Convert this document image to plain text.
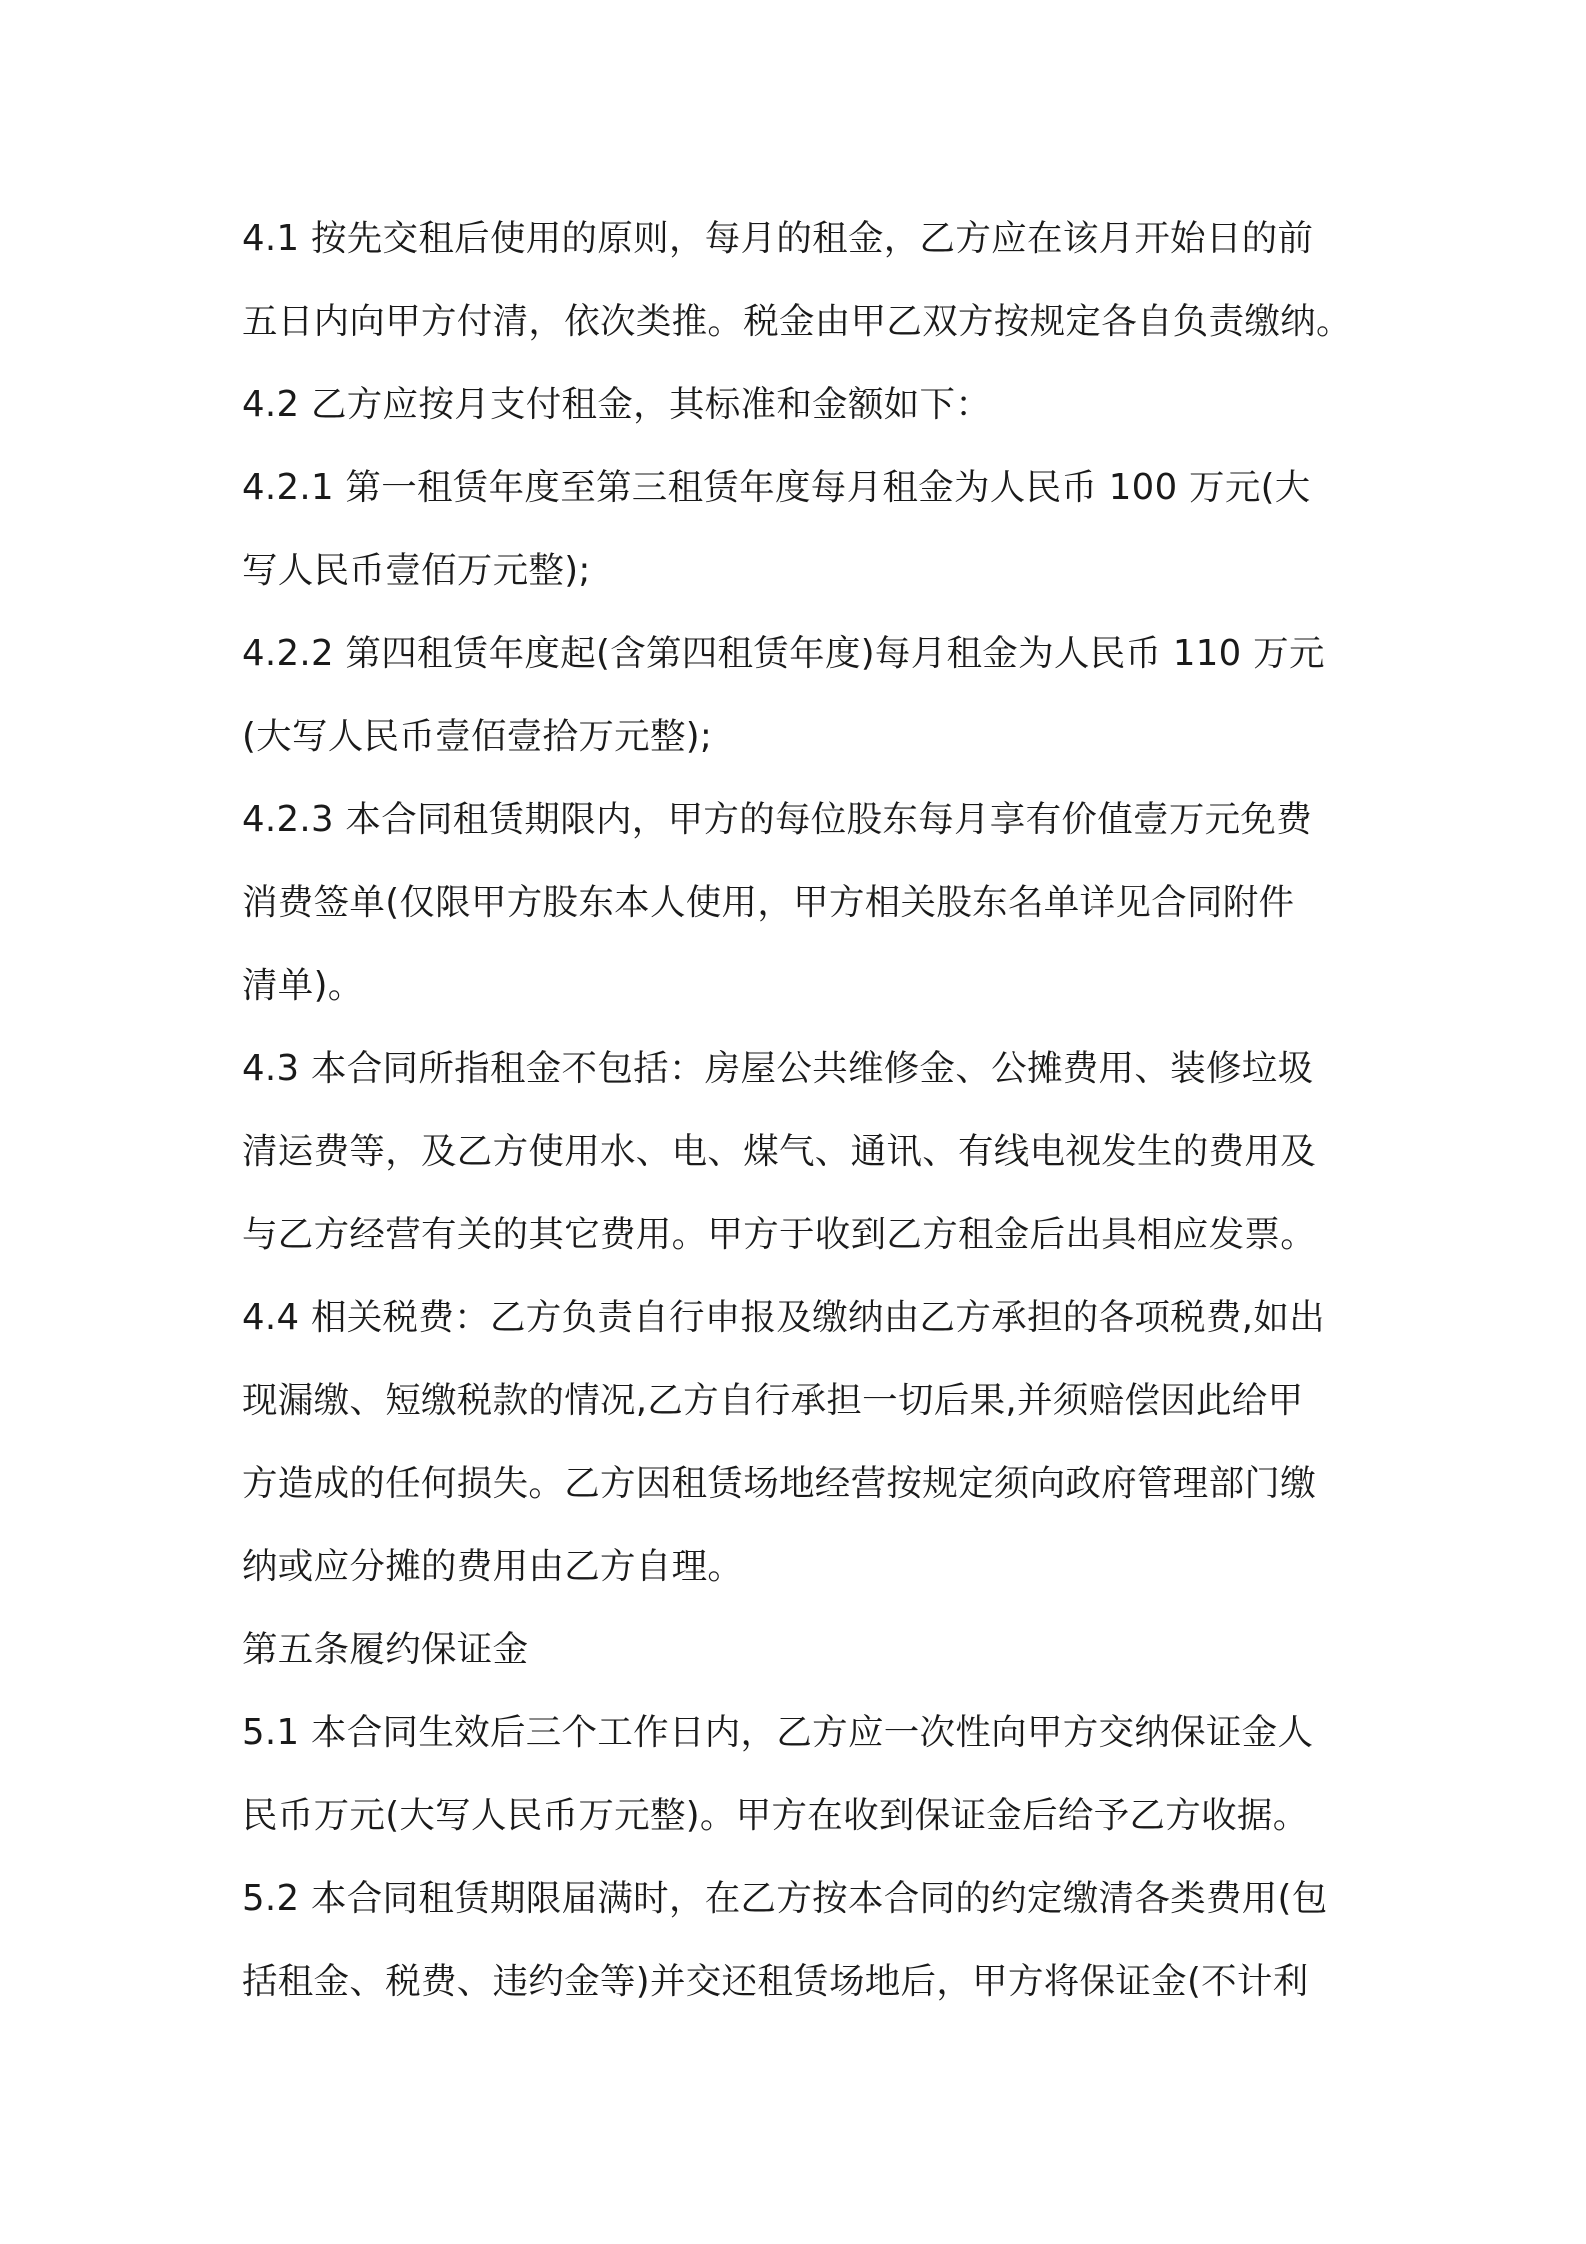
4.1 按先交租后使用的原则，每月的租金，乙方应在该月开始日的前
五日内向甲方付清，依次类推。税金由甲乙双方按规定各自负责缴纳。
4.2 乙方应按月支付租金，其标准和金额如下：
4.2.1 第一租赁年度至第三租赁年度每月租金为人民币 100 万元(大
写人民币壹佰万元整);
4.2.2 第四租赁年度起(含第四租赁年度)每月租金为人民币 110 万元
(大写人民币壹佰壹拾万元整);
4.2.3 本合同租赁期限内，甲方的每位股东每月享有价值壹万元免费
消费签单(仅限甲方股东本人使用，甲方相关股东名单详见合同附件
清单)。
4.3 本合同所指租金不包括：房屋公共维修金、公摊费用、装修垃圾
清运费等，及乙方使用水、电、煤气、通讯、有线电视发生的费用及
与乙方经营有关的其它费用。甲方于收到乙方租金后出具相应发票。
4.4 相关税费：乙方负责自行申报及缴纳由乙方承担的各项税费,如出
现漏缴、短缴税款的情况,乙方自行承担一切后果,并须赔偿因此给甲
方造成的任何损失。乙方因租赁场地经营按规定须向政府管理部门缴
纳或应分摊的费用由乙方自理。
第五条履约保证金
5.1 本合同生效后三个工作日内，乙方应一次性向甲方交纳保证金人
民币万元(大写人民币万元整)。甲方在收到保证金后给予乙方收据。
5.2 本合同租赁期限届满时，在乙方按本合同的约定缴清各类费用(包
括租金、税费、违约金等)并交还租赁场地后，甲方将保证金(不计利
